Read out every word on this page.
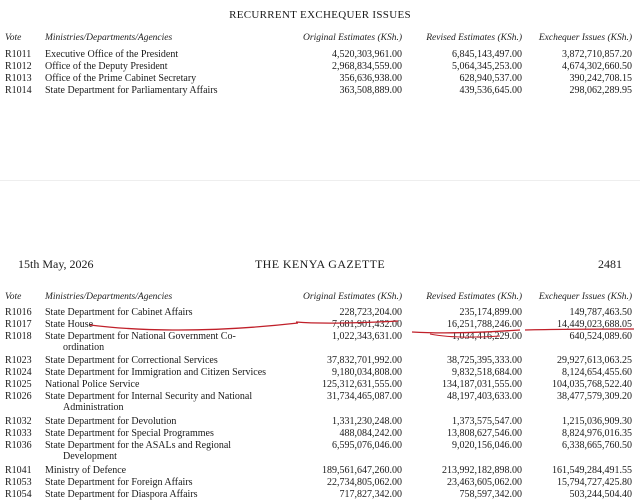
RECURRENT EXCHEQUER ISSUES
Vote Ministries/Departments/Agencies	Original Estimates (KSh.)	Revised Estimates (KSh.) Exchequer Issues (KSh.)
R1011 Executive Office of the President	4,520,303,961.00	6,845,143,497.00	3,872,710,857.20
R1012 Office of the Deputy President	2,968,834,559.00	5,064,345,253.00	4,674,302,660.50
R1013 Office of the Prime Cabinet Secretary	356,636,938.00	628,940,537.00	390,242,708.15
R1014 State Department for Parliamentary Affairs	363,508,889.00	439,536,645.00	298,062,289.95
15th May, 2026	THE KENYA GAZETTE	2481
Vote Ministries/Departments/Agencies	Original Estimates (KSh.)	Revised Estimates (KSh.) Exchequer Issues (KSh.)
R1016 State Department for Cabinet Affairs	228,723,204.00	235,174,899.00	149,787,463.50
R1017 State House	7,681,901,432.00	16,251,788,246.00	14,449,023,688.05
R1018 State Department for National Government Co-
ordination
1,022,343,631.00	1,034,416,229.00	640,524,089.60
R1023 State Department for Correctional Services	37,832,701,992.00	38,725,395,333.00	29,927,613,063.25
R1024 State Department for Immigration and Citizen Services	9,180,034,808.00	9,832,518,684.00	8,124,654,455.60
R1025 National Police Service	125,312,631,555.00	134,187,031,555.00	104,035,768,522.40
R1026 State Department for Internal Security and National
Administration
31,734,465,087.00	48,197,403,633.00	38,477,579,309.20
R1032 State Department for Devolution	1,331,230,248.00	1,373,575,547.00	1,215,036,909.30
R1033 State Department for Special Programmes	488,084,242.00	13,808,627,546.00	8,824,976,016.35
R1036 State Department for the ASALs and Regional
Development
6,595,076,046.00	9,020,156,046.00	6,338,665,760.50
R1041 Ministry of Defence	189,561,647,260.00	213,992,182,898.00	161,549,284,491.55
R1053 State Department for Foreign Affairs	22,734,805,062.00	23,463,605,062.00	15,794,727,425.80
R1054 State Department for Diaspora Affairs	717,827,342.00	758,597,342.00	503,244,504.40
